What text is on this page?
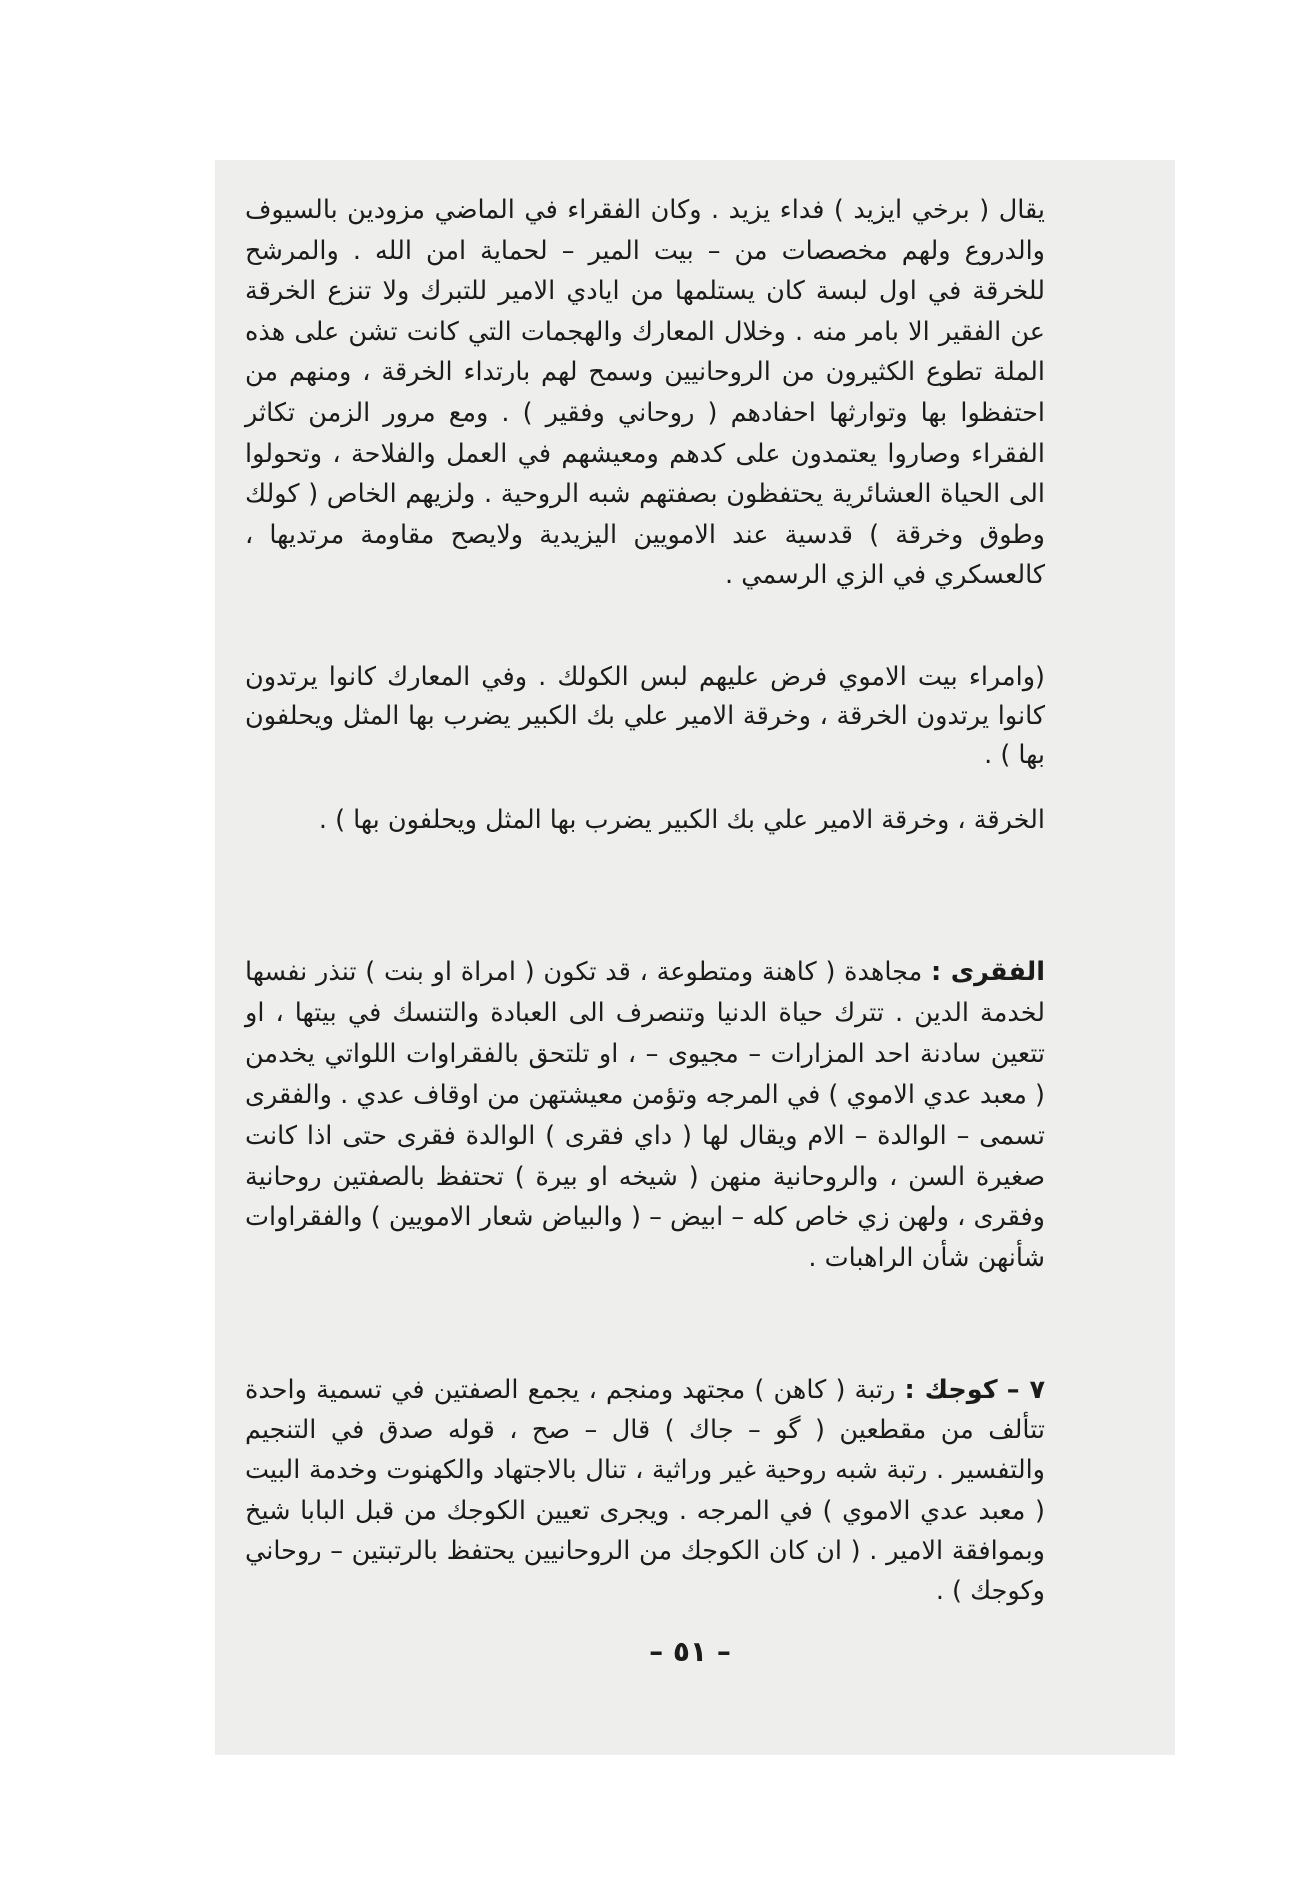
يقال ( برخي ايزيد ) فداء يزيد . وكان الفقراء في الماضي مزودين بالسيوف والدروع ولهم مخصصات من – بيت المير – لحماية امن الله . والمرشح للخرقة في اول لبسة كان يستلمها من ايادي الامير للتبرك ولا تنزع الخرقة عن الفقير الا بامر منه . وخلال المعارك والهجمات التي كانت تشن على هذه الملة تطوع الكثيرون من الروحانيين وسمح لهم بارتداء الخرقة ، ومنهم من احتفظوا بها وتوارثها احفادهم ( روحاني وفقير ) . ومع مرور الزمن تكاثر الفقراء وصاروا يعتمدون على كدهم ومعيشهم في العمل والفلاحة ، وتحولوا الى الحياة العشائرية يحتفظون بصفتهم شبه الروحية . ولزيهم الخاص ( كولك وطوق وخرقة ) قدسية عند الامويين اليزيدية ولايصح مقاومة مرتديها ، كالعسكري في الزي الرسمي .

(وامراء بيت الاموي فرض عليهم لبس الكولك . وفي المعارك كانوا يرتدون كانوا يرتدون الخرقة ، وخرقة الامير علي بك الكبير يضرب بها المثل ويحلفون بها ) .

الخرقة ، وخرقة الامير علي بك الكبير يضرب بها المثل ويحلفون بها ) .

الفقرى : مجاهدة ( كاهنة ومتطوعة ، قد تكون ( امراة او بنت ) تنذر نفسها لخدمة الدين . تترك حياة الدنيا وتنصرف الى العبادة والتنسك في بيتها ، او تتعين سادنة احد المزارات – مجيوى – ، او تلتحق بالفقراوات اللواتي يخدمن ( معبد عدي الاموي ) في المرجه وتؤمن معيشتهن من اوقاف عدي . والفقرى تسمى – الوالدة – الام ويقال لها ( داي فقرى ) الوالدة فقرى حتى اذا كانت صغيرة السن ، والروحانية منهن ( شيخه او بيرة ) تحتفظ بالصفتين روحانية وفقرى ، ولهن زي خاص كله – ابيض – ( والبياض شعار الامويين ) والفقراوات شأنهن شأن الراهبات .

٧ – كوجك : رتبة ( كاهن ) مجتهد ومنجم ، يجمع الصفتين في تسمية واحدة تتألف من مقطعين ( گو – جاك ) قال – صح ، قوله صدق في التنجيم والتفسير . رتبة شبه روحية غير وراثية ، تنال بالاجتهاد والكهنوت وخدمة البيت ( معبد عدي الاموي ) في المرجه . ويجرى تعيين الكوجك من قبل البابا شيخ وبموافقة الامير . ( ان كان الكوجك من الروحانيين يحتفظ بالرتبتين – روحاني وكوجك ) .

– ٥١ –
